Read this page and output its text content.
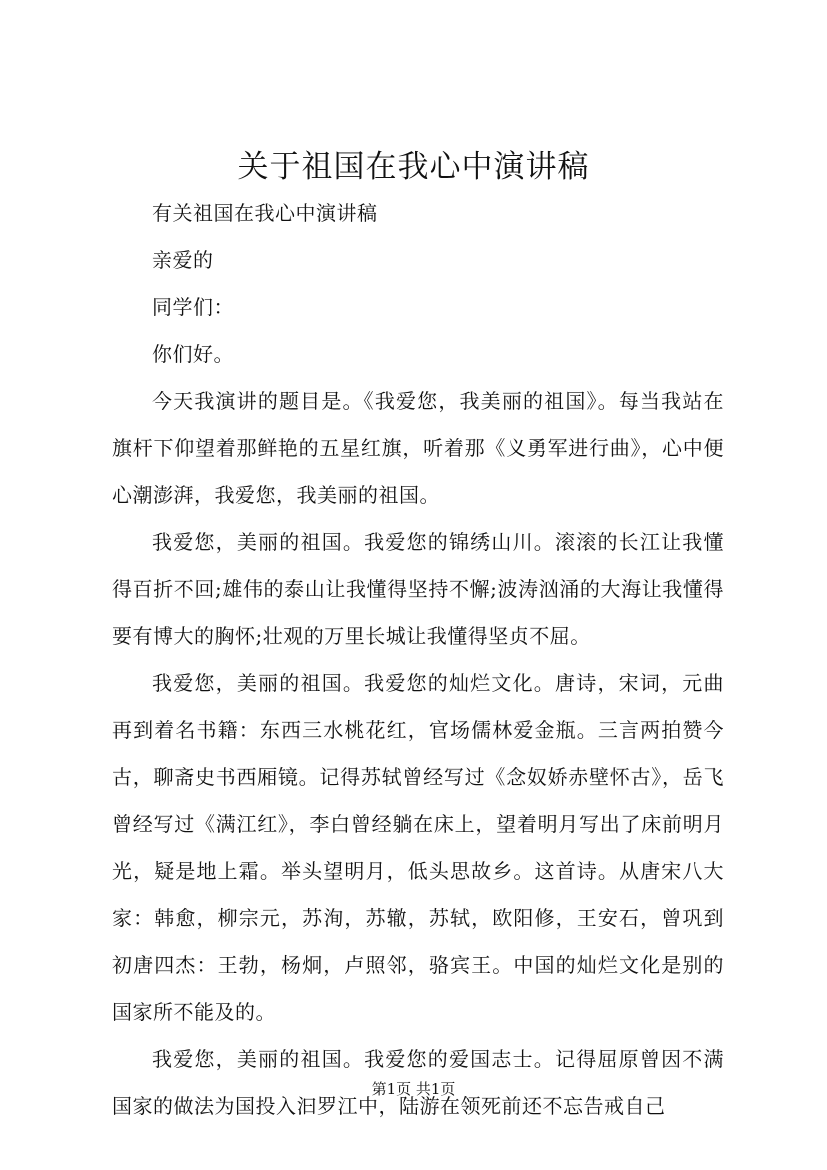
关于祖国在我心中演讲稿

有关祖国在我心中演讲稿

亲爱的

同学们：

你们好。

今天我演讲的题目是。《我爱您，我美丽的祖国》。每当我站在旗杆下仰望着那鲜艳的五星红旗，听着那《义勇军进行曲》，心中便心潮澎湃，我爱您，我美丽的祖国。

我爱您，美丽的祖国。我爱您的锦绣山川。滚滚的长江让我懂得百折不回;雄伟的泰山让我懂得坚持不懈;波涛汹涌的大海让我懂得要有博大的胸怀;壮观的万里长城让我懂得坚贞不屈。

我爱您，美丽的祖国。我爱您的灿烂文化。唐诗，宋词，元曲再到着名书籍：东西三水桃花红，官场儒林爱金瓶。三言两拍赞今古，聊斋史书西厢镜。记得苏轼曾经写过《念奴娇赤壁怀古》，岳飞曾经写过《满江红》，李白曾经躺在床上，望着明月写出了床前明月光，疑是地上霜。举头望明月，低头思故乡。这首诗。从唐宋八大家：韩愈，柳宗元，苏洵，苏辙，苏轼，欧阳修，王安石，曾巩到初唐四杰：王勃，杨炯，卢照邻，骆宾王。中国的灿烂文化是别的国家所不能及的。

我爱您，美丽的祖国。我爱您的爱国志士。记得屈原曾因不满国家的做法为国投入汩罗江中，陆游在领死前还不忘告戒自己

第1页 共1页
